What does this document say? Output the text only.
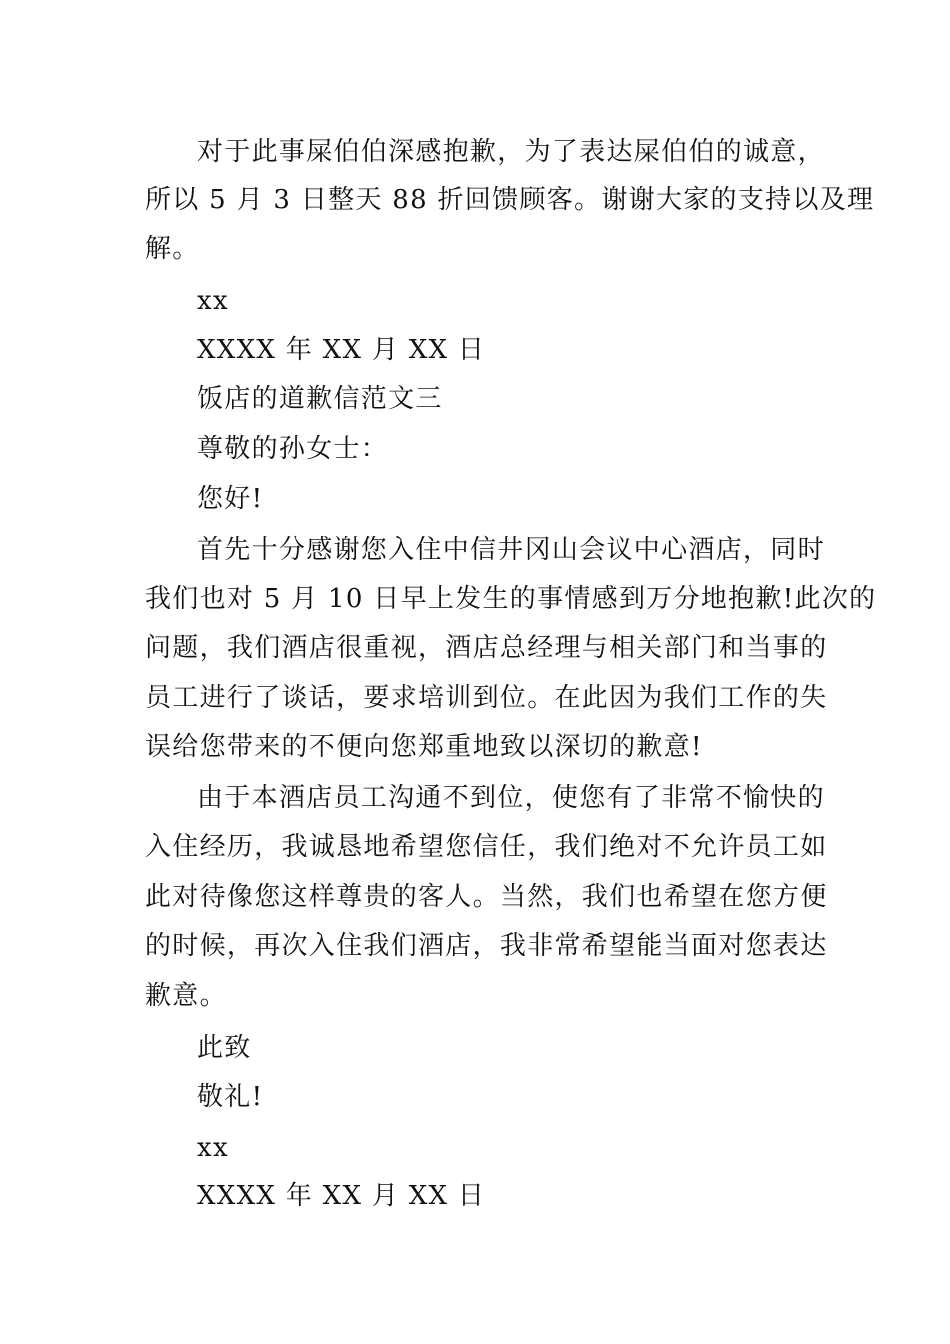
对于此事屎伯伯深感抱歉，为了表达屎伯伯的诚意，
所以 5 月 3 日整天 88 折回馈顾客。谢谢大家的支持以及理
解。
xx
XXXX 年 XX 月 XX 日
饭店的道歉信范文三
尊敬的孙女士：
您好!
首先十分感谢您入住中信井冈山会议中心酒店，同时
我们也对 5 月 10 日早上发生的事情感到万分地抱歉!此次的
问题，我们酒店很重视，酒店总经理与相关部门和当事的
员工进行了谈话，要求培训到位。在此因为我们工作的失
误给您带来的不便向您郑重地致以深切的歉意!
由于本酒店员工沟通不到位，使您有了非常不愉快的
入住经历，我诚恳地希望您信任，我们绝对不允许员工如
此对待像您这样尊贵的客人。当然，我们也希望在您方便
的时候，再次入住我们酒店，我非常希望能当面对您表达
歉意。
此致
敬礼!
xx
XXXX 年 XX 月 XX 日
